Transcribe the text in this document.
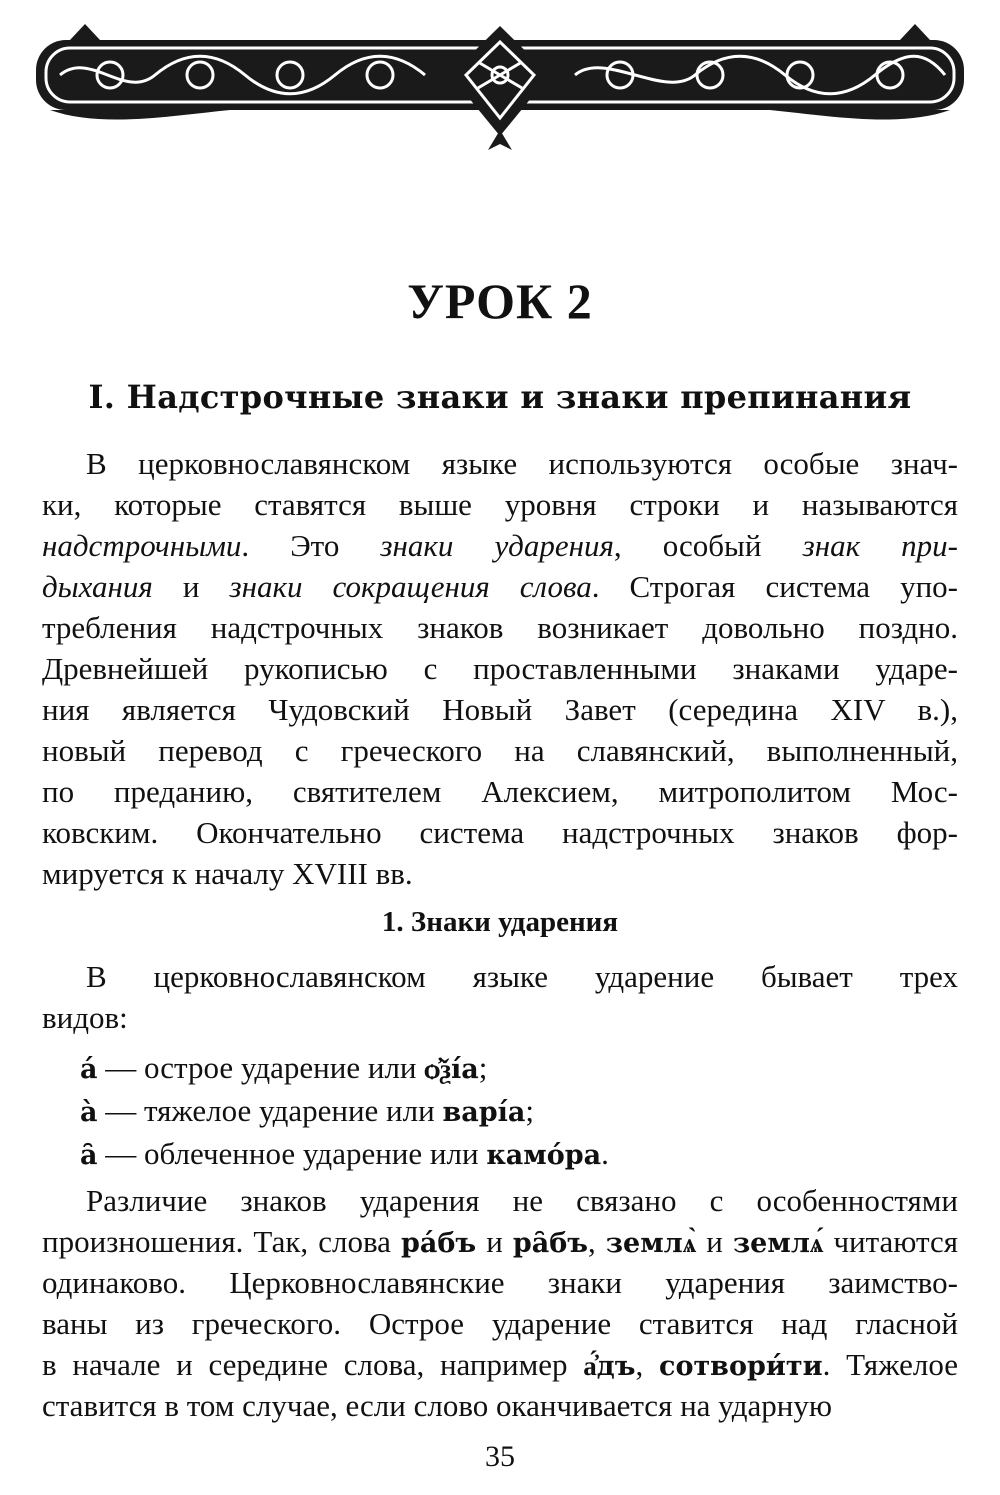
УРОК 2
I. Надстрочные знаки и знаки препинания
В церковнославянском языке используются особые знач-
ки, которые ставятся выше уровня строки и называются
надстрочными. Это знаки ударения, особый знак при-
дыхания и знаки сокращения слова. Строгая система упо-
требления надстрочных знаков возникает довольно поздно.
Древнейшей рукописью с проставленными знаками ударе-
ния является Чудовский Новый Завет (середина XIV в.),
новый перевод с греческого на славянский, выполненный,
по преданию, святителем Алексием, митрополитом Мос-
ковским. Окончательно система надстрочных знаков фор-
мируется к началу XVIII вв.
1. Знаки ударения
В церковнославянском языке ударение бывает трех
видов:
а́ — острое ударение или ѻ҆ѯі́а;
а̀ — тяжелое ударение или варі́а;
а̑ — облеченное ударение или камо́ра.
Различие знаков ударения не связано с особенностями
произношения. Так, слова ра́бъ и ра̑бъ, землѧ̀ и землѧ́ читаются
одинаково. Церковнославянские знаки ударения заимство-
ваны из греческого. Острое ударение ставится над гласной
в начале и середине слова, например а҆́дъ, сотвори́ти. Тяжелое
ставится в том случае, если слово оканчивается на ударную
35
